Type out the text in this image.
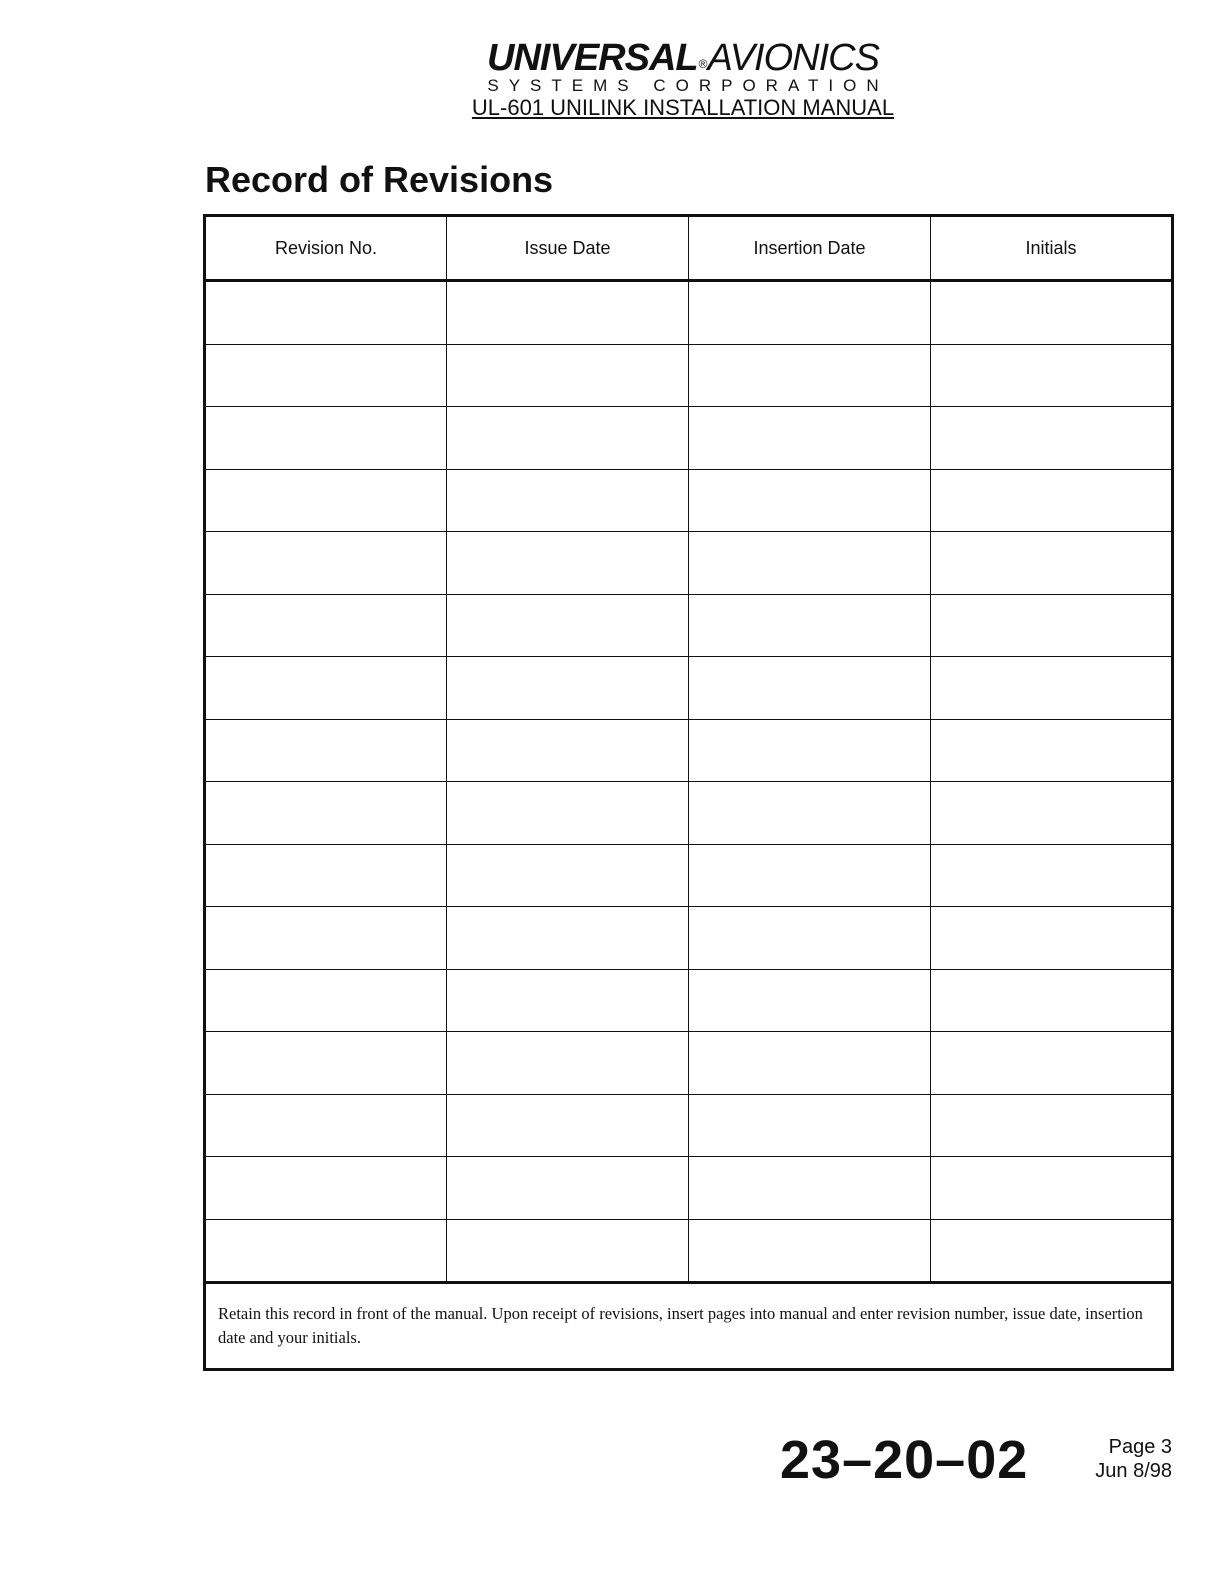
UNIVERSAL®AVIONICS
SYSTEMS CORPORATION
UL-601 UNILINK INSTALLATION MANUAL
Record of Revisions
Revision No.	Issue Date	Insertion Date	Initials

Retain this record in front of the manual. Upon receipt of revisions, insert pages into manual and enter revision number, issue date, insertion date and your initials.			
23–20–02	Page 3
Jun 8/98
